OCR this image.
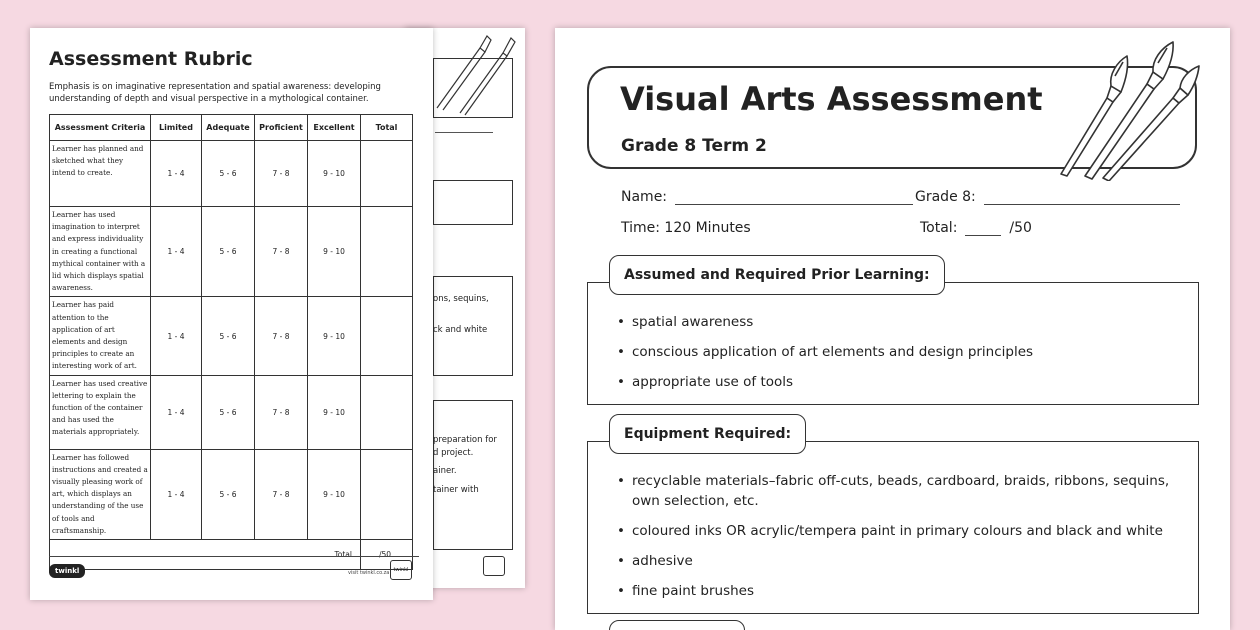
ons, sequins,
ck and white
preparation for
d project.
ainer.
tainer with
Assessment Rubric
Emphasis is on imaginative representation and spatial awareness: developing understanding of depth and visual perspective in a mythological container.
Assessment Criteria	Limited	Adequate	Proficient	Excellent	Total
Learner has planned and sketched what they intend to create.	1 - 4	5 - 6	7 - 8	9 - 10	
Learner has used imagination to interpret and express individuality in creating a functional mythical container with a lid which displays spatial awareness.	1 - 4	5 - 6	7 - 8	9 - 10	
Learner has paid attention to the application of art elements and design principles to create an interesting work of art.	1 - 4	5 - 6	7 - 8	9 - 10	
Learner has used creative lettering to explain the function of the container and has used the materials appropriately.	1 - 4	5 - 6	7 - 8	9 - 10	
Learner has followed instructions and created a visually pleasing work of art, which displays an understanding of the use of tools and craftsmanship.	1 - 4	5 - 6	7 - 8	9 - 10	
Total					/50
twinkl	visit twinkl.co.za twinkl
Visual Arts Assessment
Grade 8 Term 2
Name:	Grade 8:
Time: 120 Minutes	Total:	/50
Assumed and Required Prior Learning:
• spatial awareness
• conscious application of art elements and design principles
• appropriate use of tools
Equipment Required:
• recyclable materials–fabric off-cuts, beads, cardboard, braids, ribbons, sequins, own selection, etc.
• coloured inks OR acrylic/tempera paint in primary colours and black and white
• adhesive
• fine paint brushes
